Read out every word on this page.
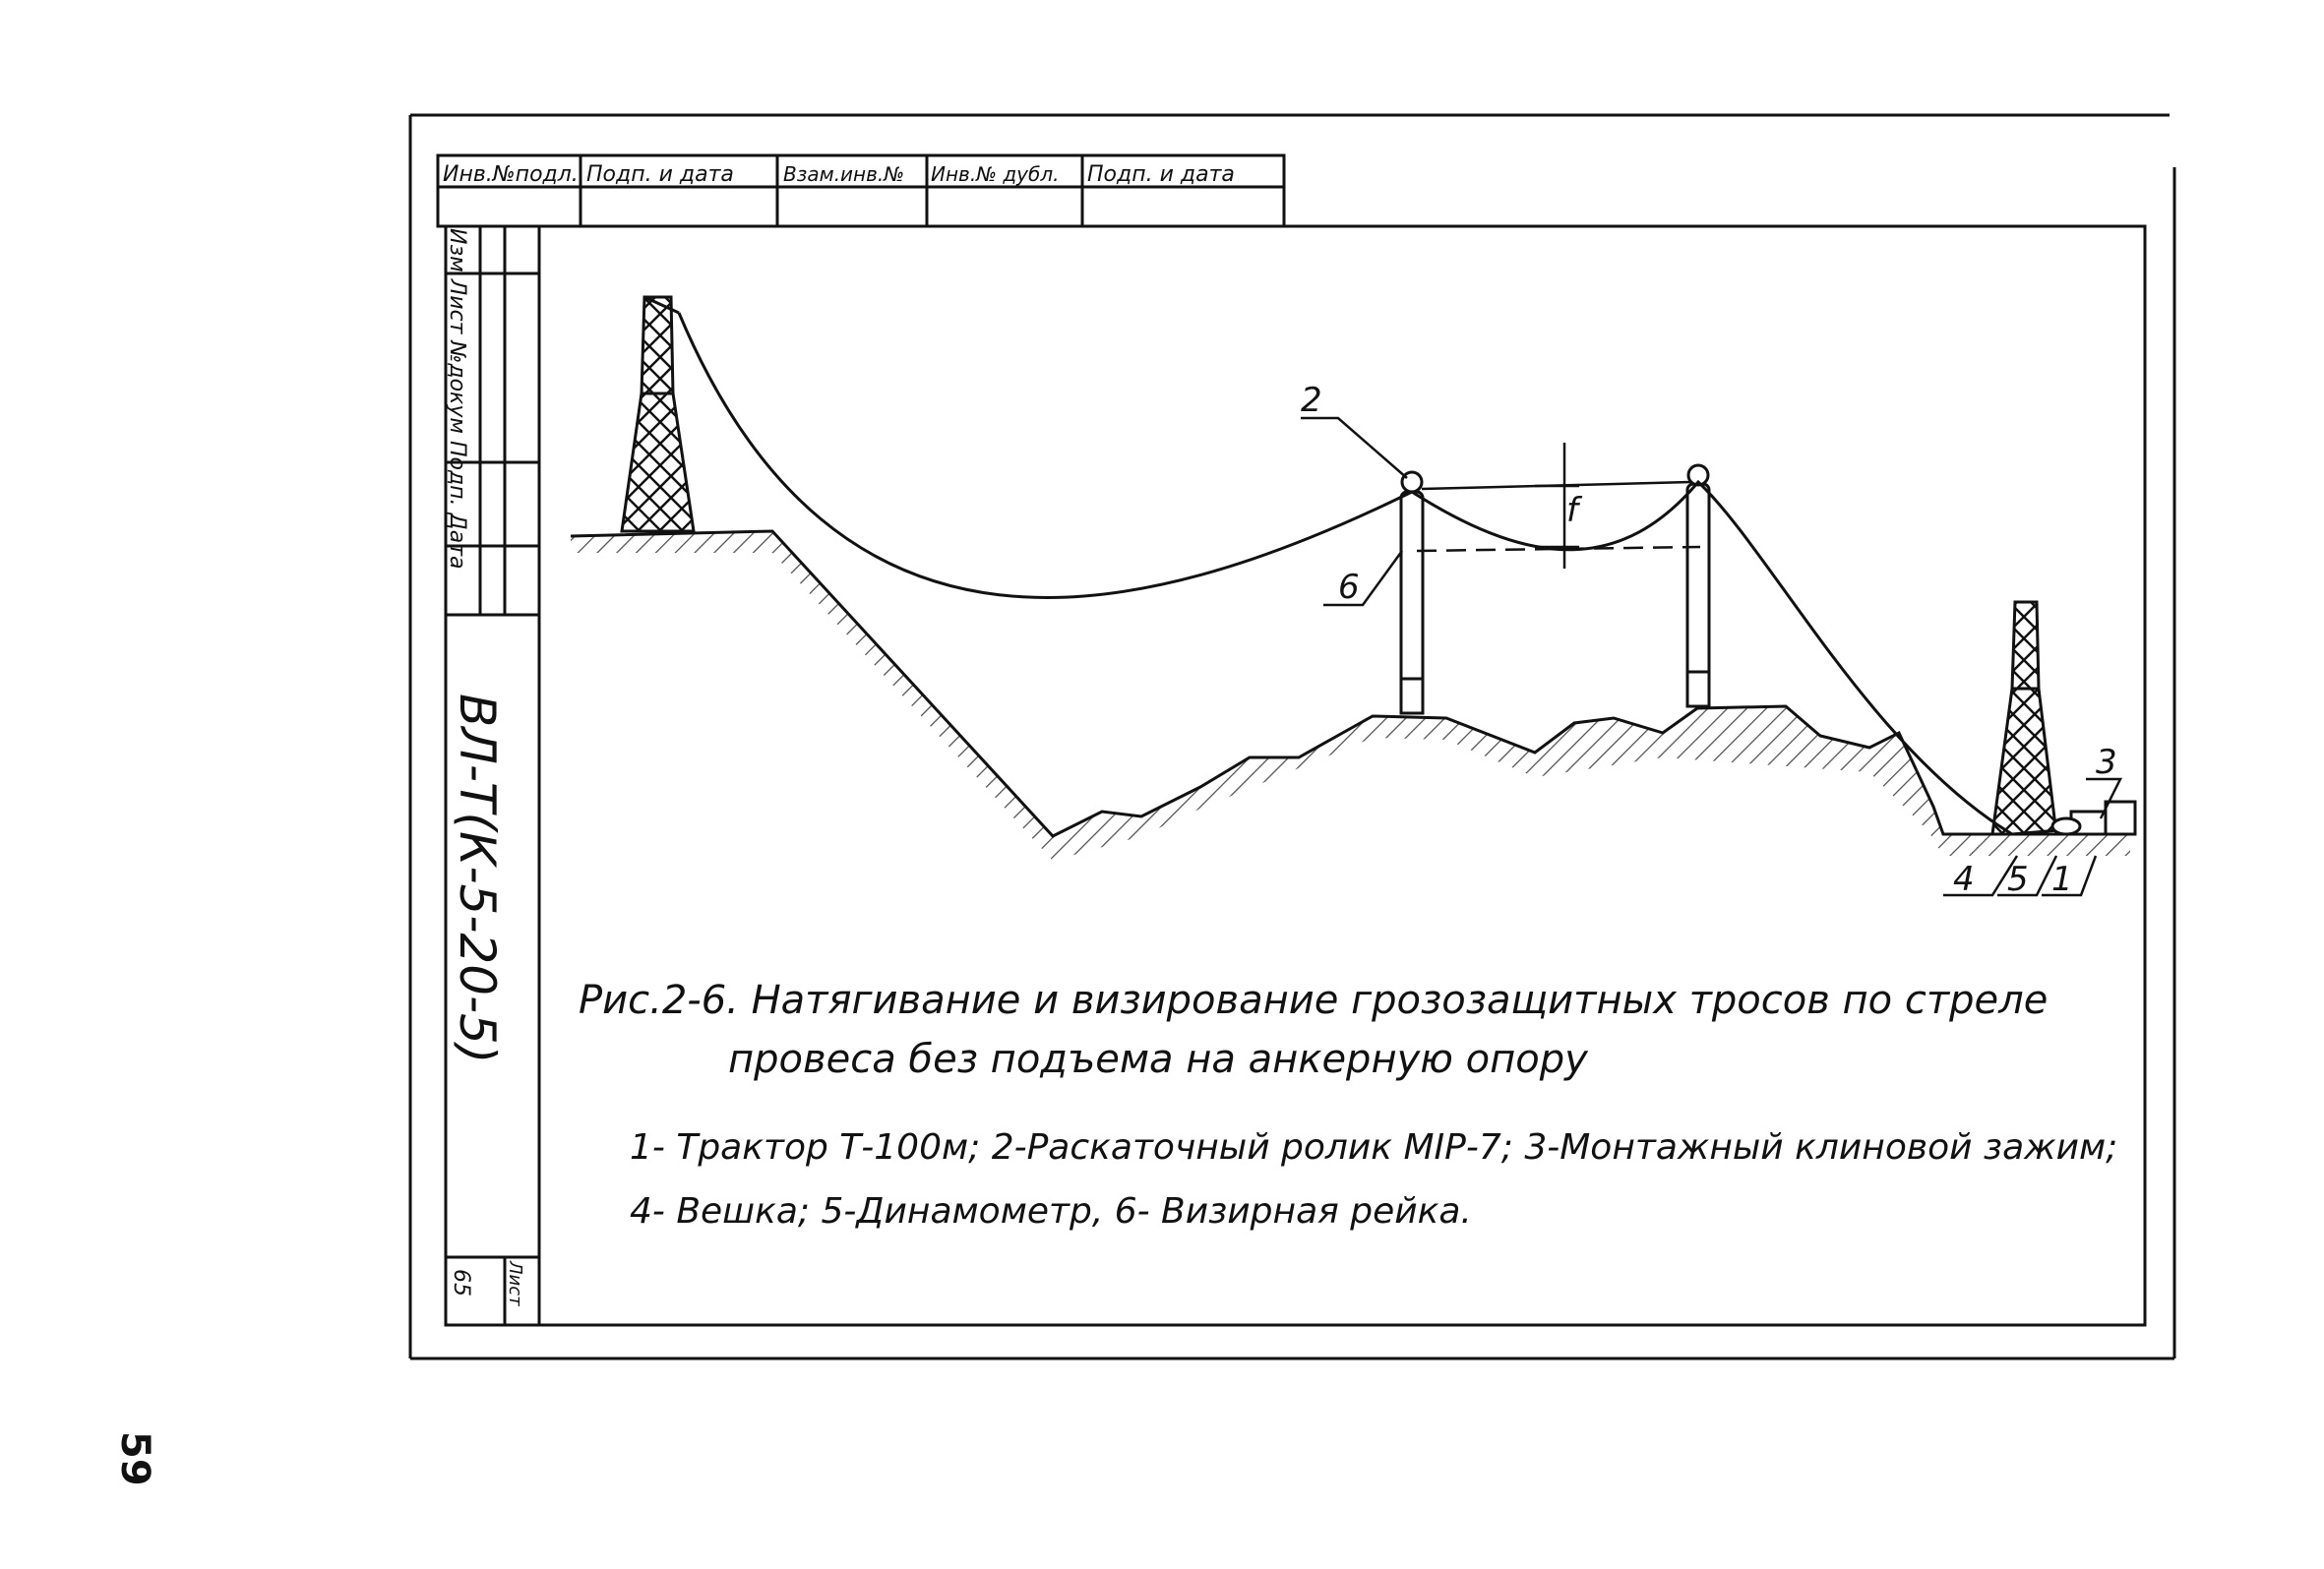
Инв.№подл. Подп. и дата	Взам.инв.№ Инв.№ дубл. Подп. и дата
Изм Лист №докум Подп. Дата
ВЛ-Т(К-5-20-5)
Лист
65
f
2
6
3
4 5 1
Рис.2-6. Натягивание и визирование грозозащитных тросов по стреле
провеса без подъема на анкерную опору
1- Трактор Т-100м; 2-Раскаточный ролик МIР-7; 3-Монтажный клиновой зажим;
4- Вешка; 5-Динамометр, 6- Визирная рейка.
59
